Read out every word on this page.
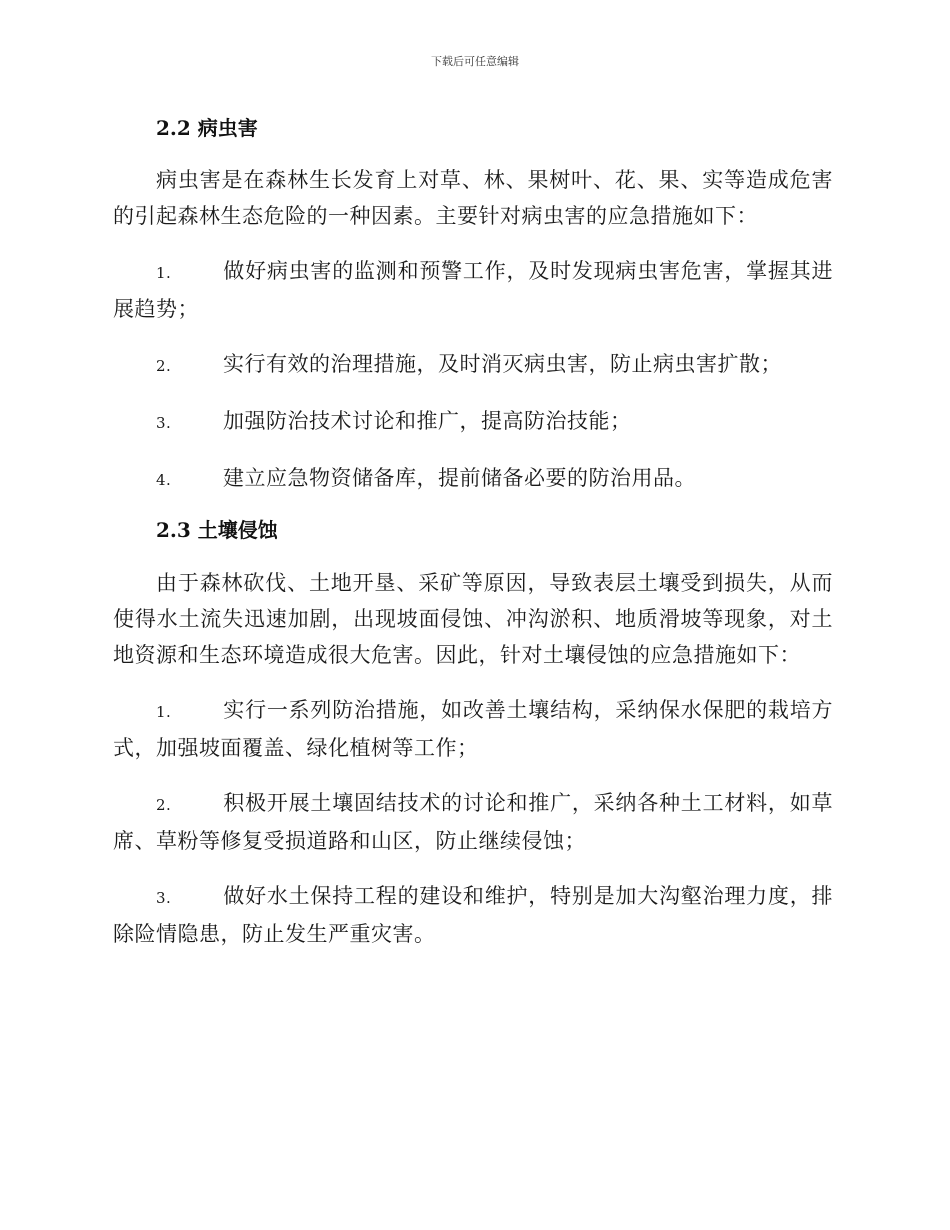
下载后可任意编辑
2.2 病虫害

病虫害是在森林生长发育上对草、林、果树叶、花、果、实等造成危害的引起森林生态危险的一种因素。主要针对病虫害的应急措施如下：

1. 做好病虫害的监测和预警工作，及时发现病虫害危害，掌握其进展趋势；

2. 实行有效的治理措施，及时消灭病虫害，防止病虫害扩散；

3. 加强防治技术讨论和推广，提高防治技能；

4. 建立应急物资储备库，提前储备必要的防治用品。

2.3 土壤侵蚀

由于森林砍伐、土地开垦、采矿等原因，导致表层土壤受到损失，从而使得水土流失迅速加剧，出现坡面侵蚀、冲沟淤积、地质滑坡等现象，对土地资源和生态环境造成很大危害。因此，针对土壤侵蚀的应急措施如下：

1. 实行一系列防治措施，如改善土壤结构，采纳保水保肥的栽培方式，加强坡面覆盖、绿化植树等工作；

2. 积极开展土壤固结技术的讨论和推广，采纳各种土工材料，如草席、草粉等修复受损道路和山区，防止继续侵蚀；

3. 做好水土保持工程的建设和维护，特别是加大沟壑治理力度，排除险情隐患，防止发生严重灾害。
